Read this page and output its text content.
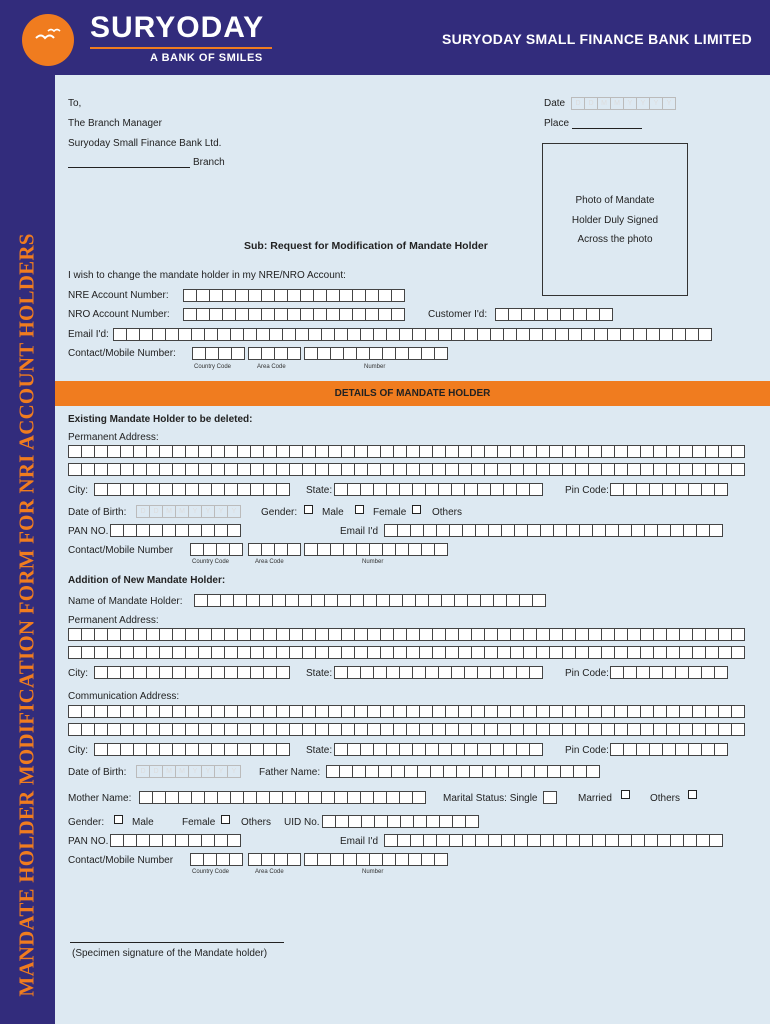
SURYODAY
A BANK OF SMILES
SURYODAY SMALL FINANCE BANK LIMITED
MANDATE HOLDER MODIFICATION FORM FOR NRI ACCOUNT HOLDERS
To,
The Branch Manager
Suryoday Small Finance Bank Ltd.
Branch
Date	D	D	M	M	Y	Y	Y	Y
Place
Photo of Mandate
Holder Duly Signed
Across the photo
Sub: Request for Modification of Mandate Holder
I wish to change the mandate holder in my NRE/NRO Account:
NRE Account Number:
NRO Account Number:	Customer I'd:
Email I'd:
Contact/Mobile Number:
Country Code	Area Code	Number
DETAILS OF MANDATE HOLDER
Existing Mandate Holder to be deleted:
Permanent Address:
City:	State:	Pin Code:
Date of Birth:	D	D	M	M	Y	Y	Y	Y	Gender: Male	Female	Others
PAN NO.	Email I'd
Contact/Mobile Number
Country Code	Area Code	Number
Addition of New Mandate Holder:
Name of Mandate Holder:
Permanent Address:
City:	State:	Pin Code:
Communication Address:
City:	State:	Pin Code:
Date of Birth:	D	D	M	M	Y	Y	Y	Y	Father Name:
Mother Name:	Marital Status: Single	Married	Others
Gender:	Male	Female	Others UID No.
PAN NO.	Email I'd
Contact/Mobile Number
Country Code	Area Code	Number
(Specimen signature of the Mandate holder)
